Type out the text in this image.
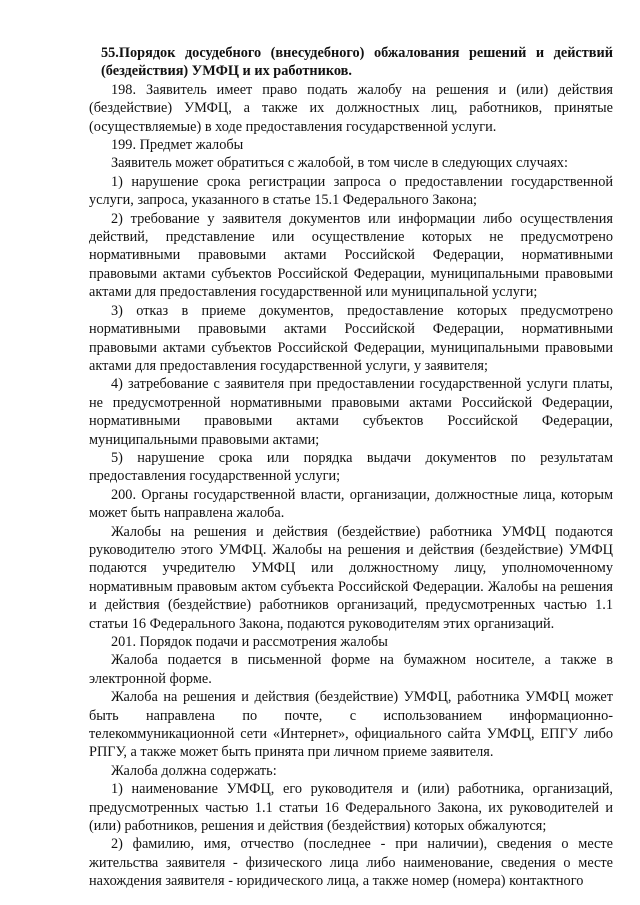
55.Порядок досудебного (внесудебного) обжалования решений и действий (бездействия) УМФЦ и их работников.

198. Заявитель имеет право подать жалобу на решения и (или) действия (бездействие) УМФЦ, а также их должностных лиц, работников, принятые (осуществляемые) в ходе предоставления государственной услуги.

199. Предмет жалобы

Заявитель может обратиться с жалобой, в том числе в следующих случаях:

1) нарушение срока регистрации запроса о предоставлении государственной услуги, запроса, указанного в статье 15.1 Федерального Закона;

2) требование у заявителя документов или информации либо осуществления действий, представление или осуществление которых не предусмотрено нормативными правовыми актами Российской Федерации, нормативными правовыми актами субъектов Российской Федерации, муниципальными правовыми актами для предоставления государственной или муниципальной услуги;

3) отказ в приеме документов, предоставление которых предусмотрено нормативными правовыми актами Российской Федерации, нормативными правовыми актами субъектов Российской Федерации, муниципальными правовыми актами для предоставления государственной услуги, у заявителя;

4) затребование с заявителя при предоставлении государственной услуги платы, не предусмотренной нормативными правовыми актами Российской Федерации, нормативными правовыми актами субъектов Российской Федерации, муниципальными правовыми актами;

5) нарушение срока или порядка выдачи документов по результатам предоставления государственной услуги;

200. Органы государственной власти, организации, должностные лица, которым может быть направлена жалоба.

Жалобы на решения и действия (бездействие) работника УМФЦ подаются руководителю этого УМФЦ. Жалобы на решения и действия (бездействие) УМФЦ подаются учредителю УМФЦ или должностному лицу, уполномоченному нормативным правовым актом субъекта Российской Федерации. Жалобы на решения и действия (бездействие) работников организаций, предусмотренных частью 1.1 статьи 16 Федерального Закона, подаются руководителям этих организаций.

201. Порядок подачи и рассмотрения жалобы

Жалоба подается в письменной форме на бумажном носителе, а также в электронной форме.

Жалоба на решения и действия (бездействие) УМФЦ, работника УМФЦ может быть направлена по почте, с использованием информационно-телекоммуникационной сети «Интернет», официального сайта УМФЦ, ЕПГУ либо РПГУ, а также может быть принята при личном приеме заявителя.

Жалоба должна содержать:

1) наименование УМФЦ, его руководителя и (или) работника, организаций, предусмотренных частью 1.1 статьи 16 Федерального Закона, их руководителей и (или) работников, решения и действия (бездействия) которых обжалуются;

2) фамилию, имя, отчество (последнее - при наличии), сведения о месте жительства заявителя - физического лица либо наименование, сведения о месте нахождения заявителя - юридического лица, а также номер (номера) контактного
